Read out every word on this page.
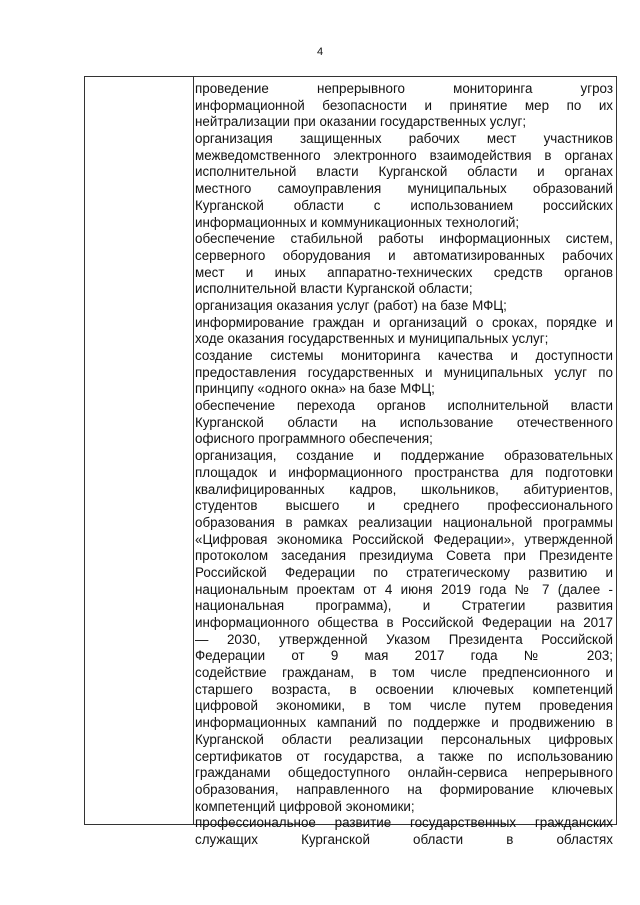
4
проведение непрерывного мониторинга угроз
информационной безопасности и принятие мер по их
нейтрализации при оказании государственных услуг;
организация защищенных рабочих мест участников
межведомственного электронного взаимодействия в органах
исполнительной власти Курганской области и органах
местного самоуправления муниципальных образований
Курганской области с использованием российских
информационных и коммуникационных технологий;
обеспечение стабильной работы информационных систем,
серверного оборудования и автоматизированных рабочих
мест и иных аппаратно-технических средств органов
исполнительной власти Курганской области;
организация оказания услуг (работ) на базе МФЦ;
информирование граждан и организаций о сроках, порядке и
ходе оказания государственных и муниципальных услуг;
создание системы мониторинга качества и доступности
предоставления государственных и муниципальных услуг по
принципу «одного окна» на базе МФЦ;
обеспечение перехода органов исполнительной власти
Курганской области на использование отечественного
офисного программного обеспечения;
организация, создание и поддержание образовательных
площадок и информационного пространства для подготовки
квалифицированных кадров, школьников, абитуриентов,
студентов высшего и среднего профессионального
образования в рамках реализации национальной программы
«Цифровая экономика Российской Федерации», утвержденной
протоколом заседания президиума Совета при Президенте
Российской Федерации по стратегическому развитию и
национальным проектам от 4 июня 2019 года № 7 (далее -
национальная программа), и Стратегии развития
информационного общества в Российской Федерации на 2017
— 2030, утвержденной Указом Президента Российской
Федерации от 9 мая 2017 года № 203;
содействие гражданам, в том числе предпенсионного и
старшего возраста, в освоении ключевых компетенций
цифровой экономики, в том числе путем проведения
информационных кампаний по поддержке и продвижению в
Курганской области реализации персональных цифровых
сертификатов от государства, а также по использованию
гражданами общедоступного онлайн-сервиса непрерывного
образования, направленного на формирование ключевых
компетенций цифровой экономики;
профессиональное развитие государственных гражданских
служащих Курганской области в областях
